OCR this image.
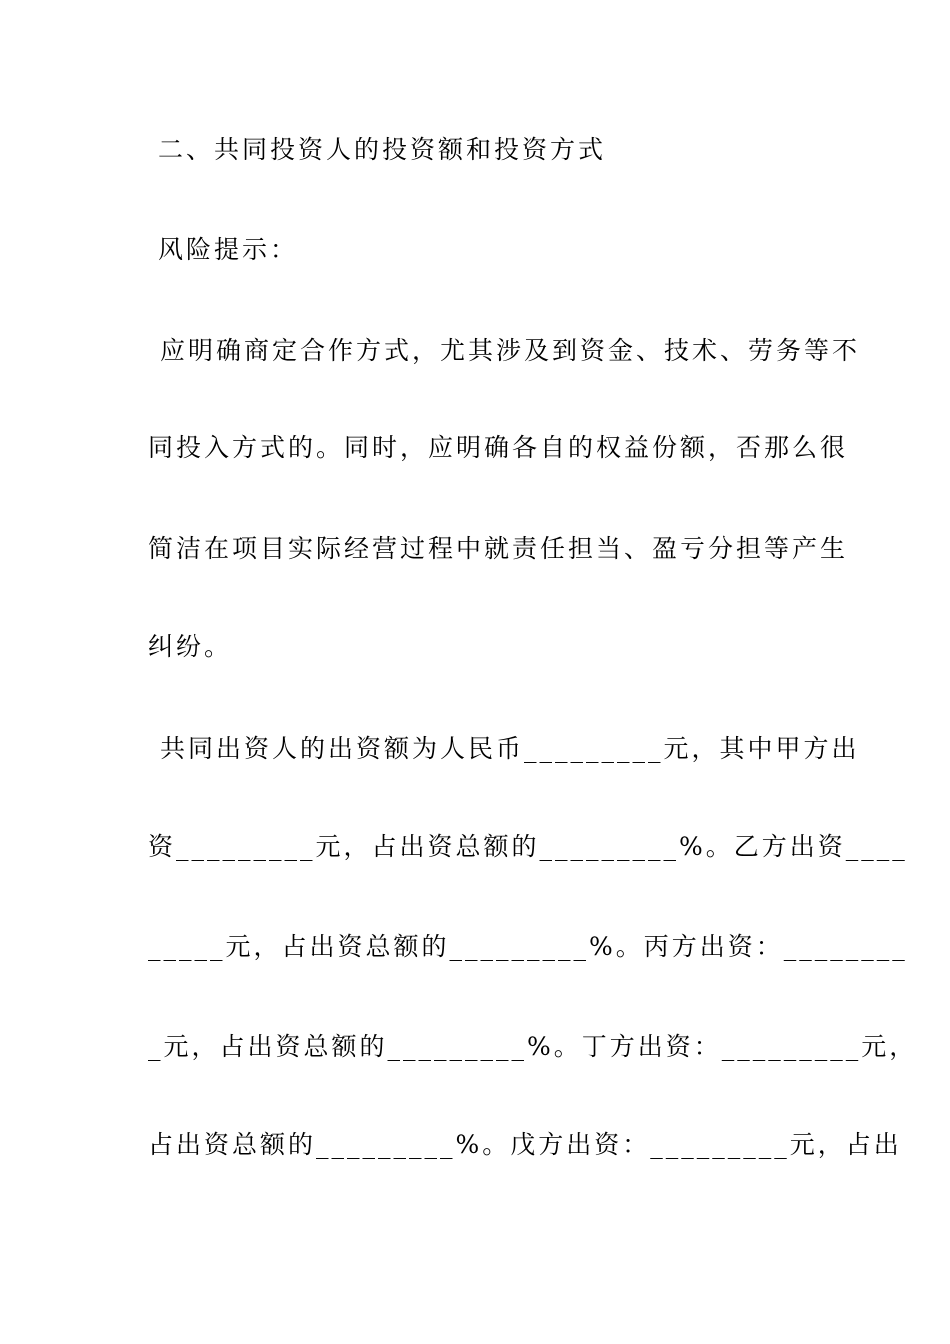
二、共同投资人的投资额和投资方式
风险提示：
应明确商定合作方式，尤其涉及到资金、技术、劳务等不
同投入方式的。同时，应明确各自的权益份额，否那么很
简洁在项目实际经营过程中就责任担当、盈亏分担等产生
纠纷。
共同出资人的出资额为人民币_________元，其中甲方出
资_________元，占出资总额的_________%。乙方出资____
_____元，占出资总额的_________%。丙方出资：________
_元，占出资总额的_________%。丁方出资：_________元，
占出资总额的_________%。戊方出资：_________元，占出
